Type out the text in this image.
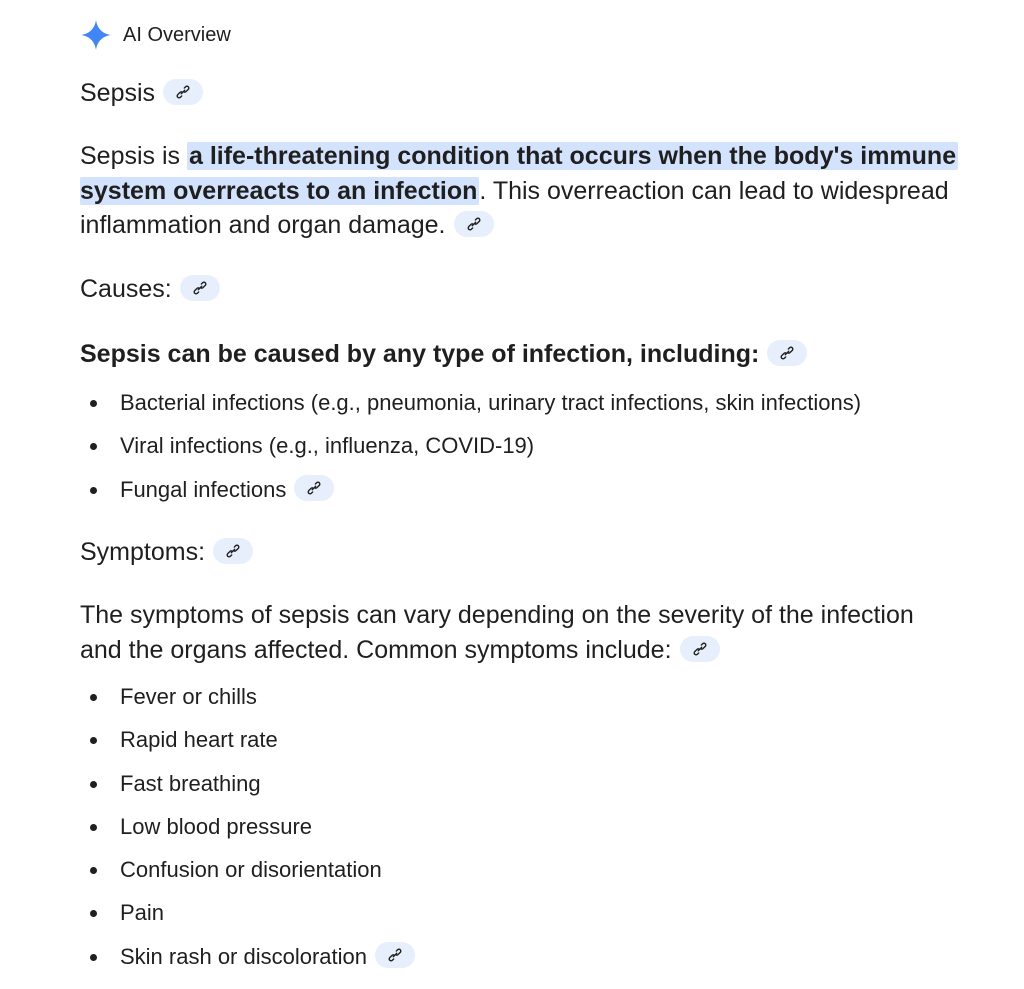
AI Overview
Sepsis
Sepsis is a life-threatening condition that occurs when the body's immune
system overreacts to an infection. This overreaction can lead to widespread
inflammation and organ damage.
Causes:
Sepsis can be caused by any type of infection, including:
Bacterial infections (e.g., pneumonia, urinary tract infections, skin infections)
Viral infections (e.g., influenza, COVID-19)
Fungal infections
Symptoms:
The symptoms of sepsis can vary depending on the severity of the infection
and the organs affected. Common symptoms include:
Fever or chills
Rapid heart rate
Fast breathing
Low blood pressure
Confusion or disorientation
Pain
Skin rash or discoloration
